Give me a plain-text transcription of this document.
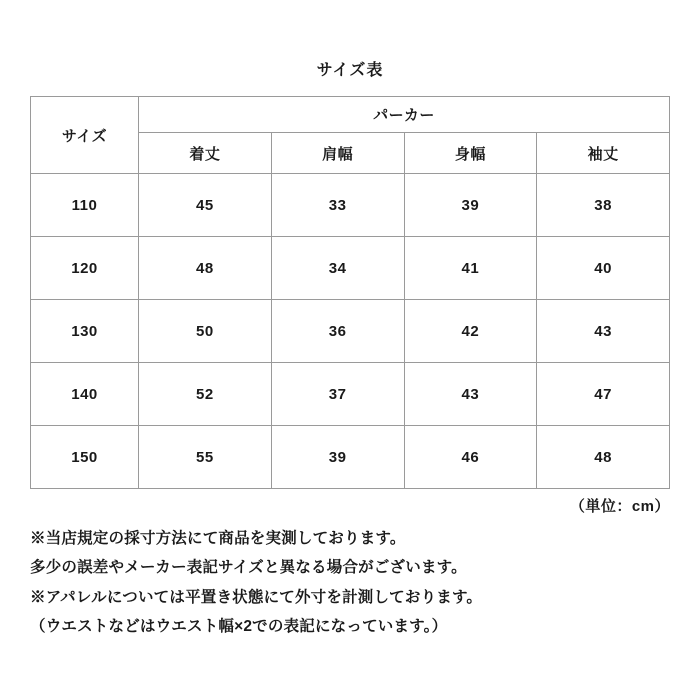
サイズ表
サイズ	パーカー			
	着丈	肩幅	身幅	袖丈
110	45	33	39	38
120	48	34	41	40
130	50	36	42	43
140	52	37	43	47
150	55	39	46	48
（単位：cm）

※当店規定の採寸方法にて商品を実測しております。

多少の誤差やメーカー表記サイズと異なる場合がございます。

※アパレルについては平置き状態にて外寸を計測しております。

（ウエストなどはウエスト幅×2での表記になっています。）
